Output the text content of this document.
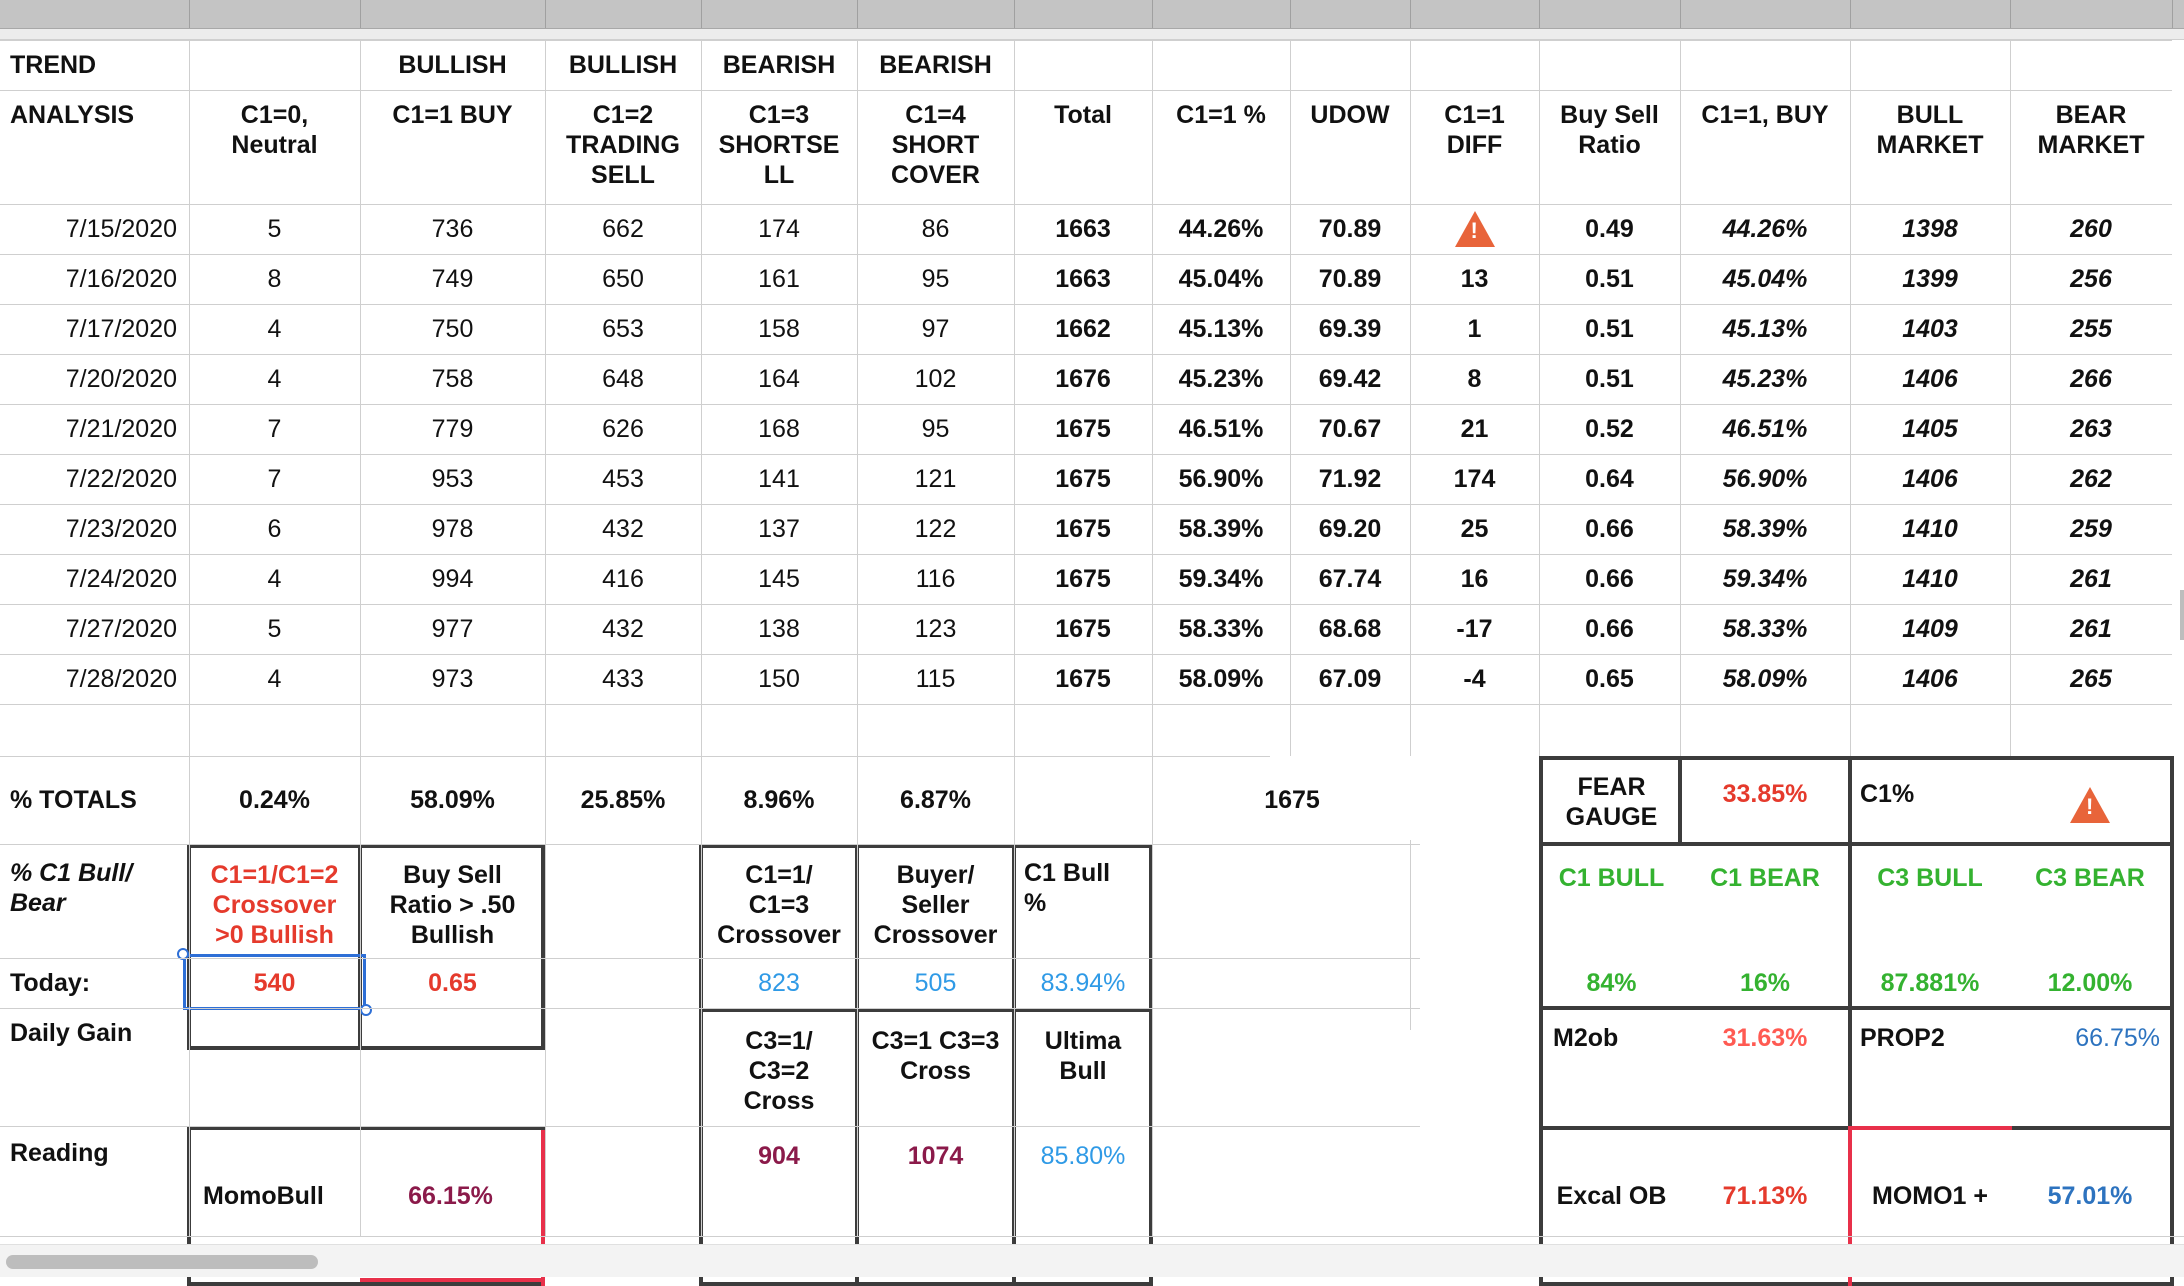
% TOTALS	0.24%	58.09%	25.85%	8.96%	6.87%	1675	FEAR
GAUGE
33.85%	C1%
!
C1 BULL	C1 BEAR	C3 BULL	C3 BEAR
84%	16%	87.881%	12.00%
M2ob	31.63%	PROP2	66.75%
Excal OB	71.13%	MOMO1 +	57.01%
% C1 Bull/
Bear
C1=1/C1=2
Crossover
>0 Bullish
Buy Sell
Ratio > .50
Bullish
C1=1/
C1=3
Crossover
Buyer/
Seller
Crossover
C1 Bull
%
Today:	540	0.65	823	505	83.94%
Daily Gain	C3=1/
C3=2
Cross
C3=1 C3=3
Cross
Ultima
Bull
Reading
MomoBull	66.15%
904	1074	85.80%
TREND	BULLISH	BULLISH	BEARISH	BEARISH
ANALYSIS	C1=0,
Neutral
C1=1 BUY	C1=2
TRADING
SELL
C1=3
SHORTSE
LL
C1=4
SHORT
COVER
Total	C1=1 %	UDOW	C1=1
DIFF
Buy Sell
Ratio
C1=1, BUY	BULL
MARKET
BEAR
MARKET
7/15/2020	5	736	662	174	86	1663	44.26%	70.89
!	0.49	44.26%	1398	260
7/16/2020	8	749	650	161	95	1663	45.04%	70.89	13	0.51	45.04%	1399	256
7/17/2020	4	750	653	158	97	1662	45.13%	69.39	1	0.51	45.13%	1403	255
7/20/2020	4	758	648	164	102	1676	45.23%	69.42	8	0.51	45.23%	1406	266
7/21/2020	7	779	626	168	95	1675	46.51%	70.67	21	0.52	46.51%	1405	263
7/22/2020	7	953	453	141	121	1675	56.90%	71.92	174	0.64	56.90%	1406	262
7/23/2020	6	978	432	137	122	1675	58.39%	69.20	25	0.66	58.39%	1410	259
7/24/2020	4	994	416	145	116	1675	59.34%	67.74	16	0.66	59.34%	1410	261
7/27/2020	5	977	432	138	123	1675	58.33%	68.68	-17	0.66	58.33%	1409	261
7/28/2020	4	973	433	150	115	1675	58.09%	67.09	-4	0.65	58.09%	1406	265
